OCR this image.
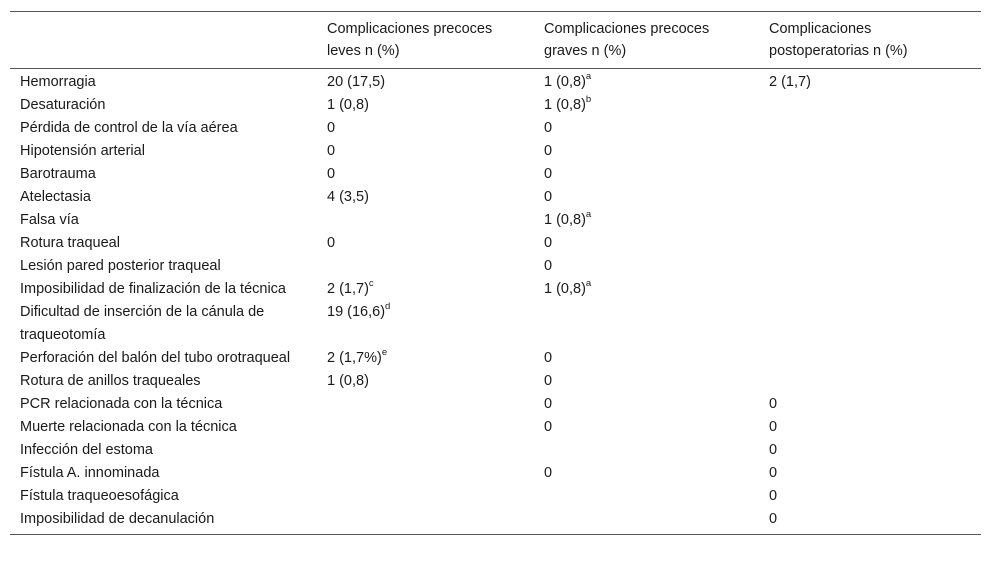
	Complicaciones precoces leves n (%)	Complicaciones precoces graves n (%)	Complicaciones postoperatorias n (%)
Hemorragia	20 (17,5)	1 $(0,8)^a$	2 (1,7)
Desaturación	1 (0,8)	1 $(0,8)^b$	
Pérdida de control de la vía aérea	0	0	
Hipotensión arterial	0	0	
Barotrauma	0	0	
Atelectasia	4 (3,5)	0	
Falsa vía		1 $(0,8)^a$	
Rotura traqueal	0	0	
Lesión pared posterior traqueal		0	
Imposibilidad de finalización de la técnica	2 $(1,7)^c$	1 $(0,8)^a$	
Dificultad de inserción de la cánula de traqueotomía	19 $(16,6)^d$		
Perforación del balón del tubo orotraqueal	2 $(1,7\%)^e$	0	
Rotura de anillos traqueales	1 (0,8)	0	
PCR relacionada con la técnica		0	0
Muerte relacionada con la técnica		0	0
Infección del estoma			0
Fístula A. innominada		0	0
Fístula traqueoesofágica			0
Imposibilidad de decanulación			0
